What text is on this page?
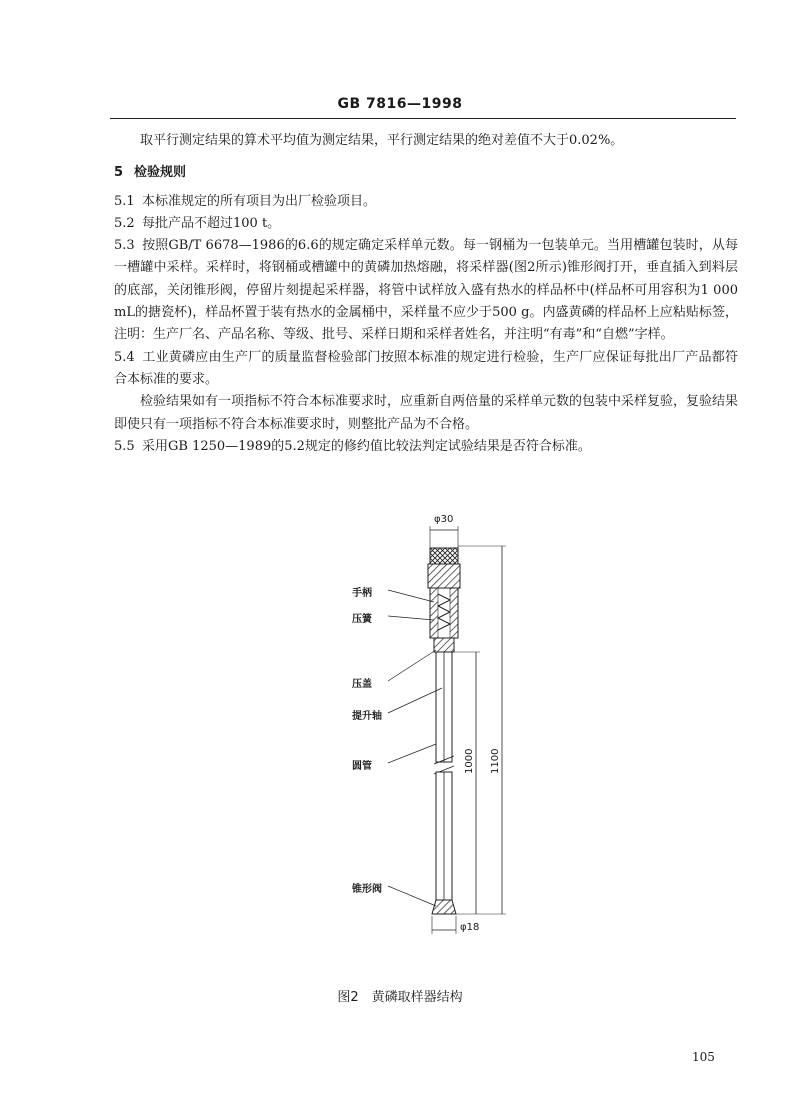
GB 7816—1998

取平行测定结果的算术平均值为测定结果，平行测定结果的绝对差值不大于0.02%。

5 检验规则

5.1 本标准规定的所有项目为出厂检验项目。

5.2 每批产品不超过100 t。

5.3 按照GB/T 6678—1986的6.6的规定确定采样单元数。每一钢桶为一包装单元。当用槽罐包装时，从每一槽罐中采样。采样时，将钢桶或槽罐中的黄磷加热熔融，将采样器(图2所示)锥形阀打开，垂直插入到料层的底部，关闭锥形阀，停留片刻提起采样器，将管中试样放入盛有热水的样品杯中(样品杯可用容积为1 000 mL的搪瓷杯)，样品杯置于装有热水的金属桶中，采样量不应少于500 g。内盛黄磷的样品杯上应粘贴标签，注明：生产厂名、产品名称、等级、批号、采样日期和采样者姓名，并注明“有毒”和“自燃”字样。

5.4 工业黄磷应由生产厂的质量监督检验部门按照本标准的规定进行检验，生产厂应保证每批出厂产品都符合本标准的要求。

检验结果如有一项指标不符合本标准要求时，应重新自两倍量的采样单元数的包装中采样复验，复验结果即使只有一项指标不符合本标准要求时，则整批产品为不合格。

5.5 采用GB 1250—1989的5.2规定的修约值比较法判定试验结果是否符合标准。

手柄
压簧
压盖
提升轴
圆管
锥形阀
φ30
φ18
1000 1100
图2　黄磷取样器结构
105
